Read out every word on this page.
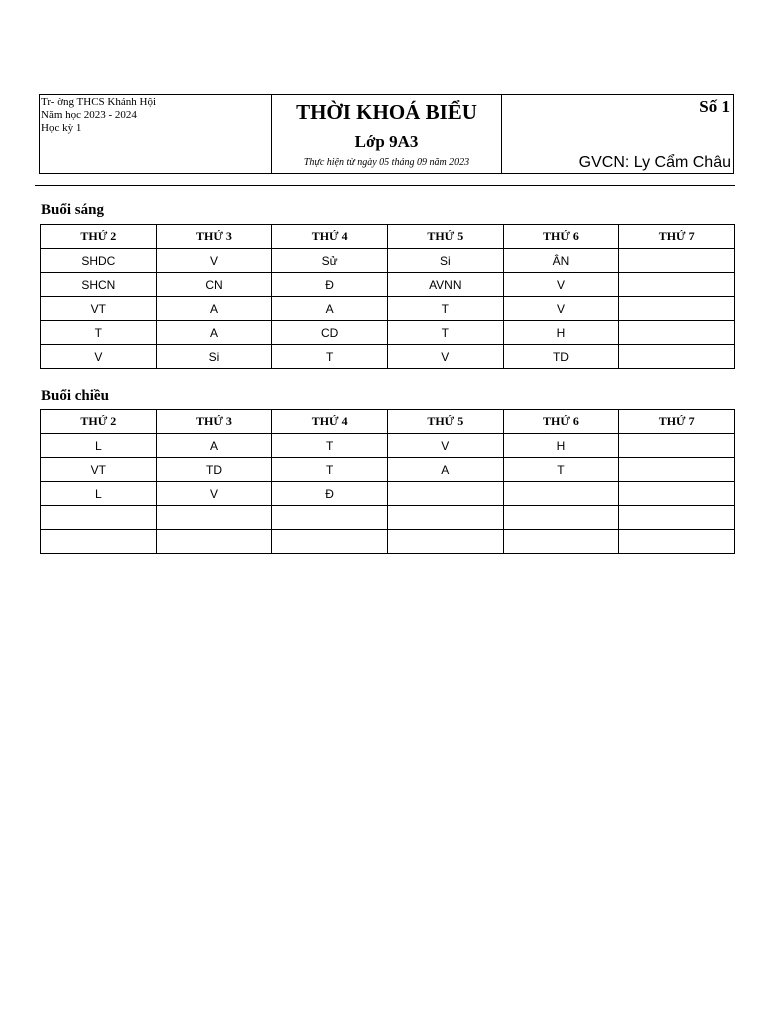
Tr- ờng THCS Khánh Hội
Năm học 2023 - 2024
Học kỳ 1
THỜI KHOÁ BIỂU
Lớp 9A3
Thực hiện từ ngày 05 tháng 09 năm 2023
Số 1
GVCN: Ly Cẩm Châu
Buổi sáng
THỨ 2	THỨ 3	THỨ 4	THỨ 5	THỨ 6	THỨ 7
SHDC	V	Sử	Si	ÂN	
SHCN	CN	Đ	AVNN	V	
VT	A	A	T	V	
T	A	CD	T	H	
V	Si	T	V	TD	
Buổi chiều
THỨ 2	THỨ 3	THỨ 4	THỨ 5	THỨ 6	THỨ 7
L	A	T	V	H	
VT	TD	T	A	T	
L	V	Đ			
